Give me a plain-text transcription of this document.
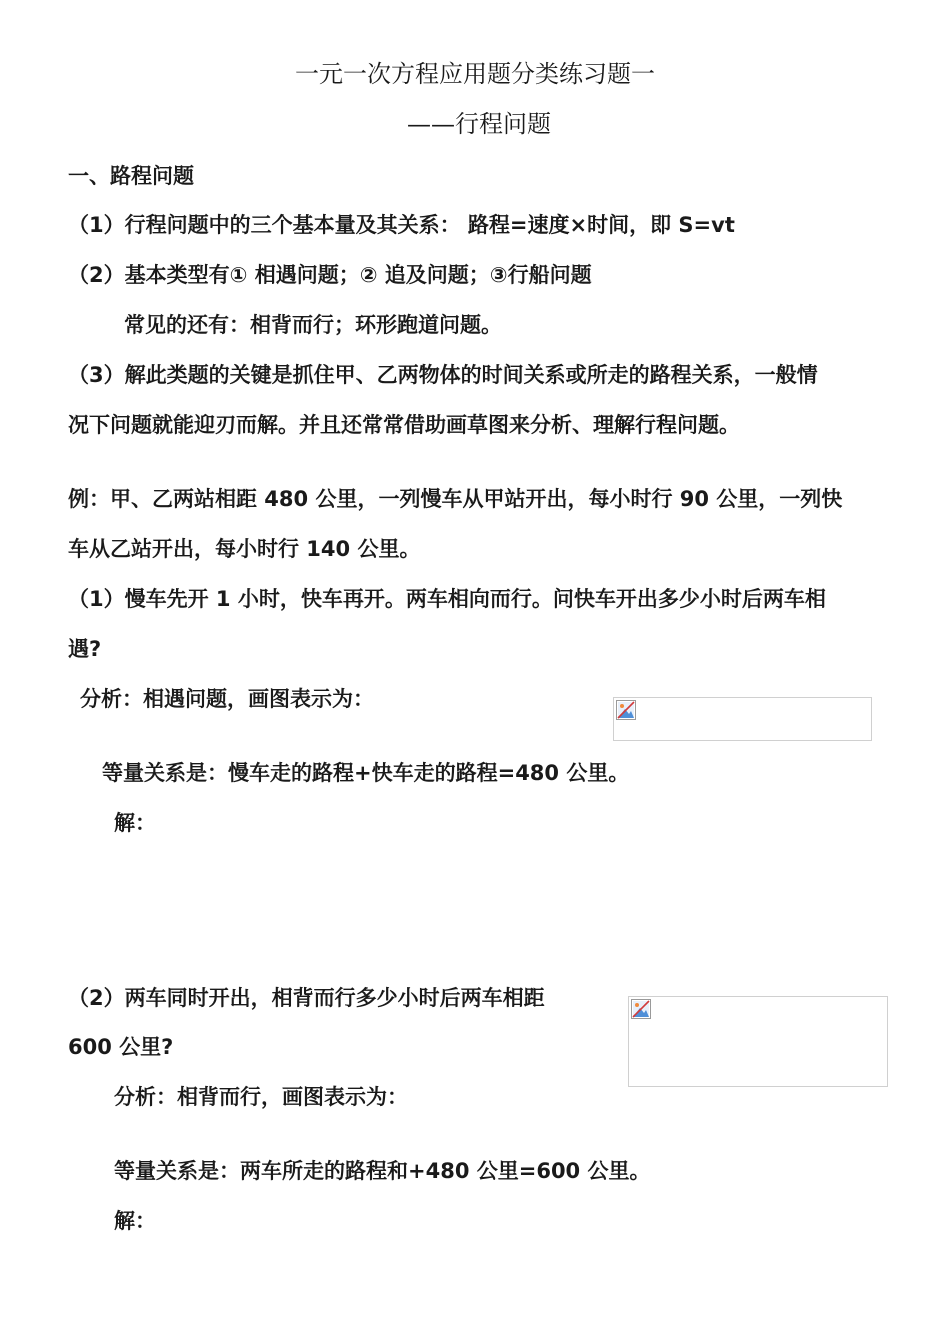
一元一次方程应用题分类练习题一
——行程问题
一、路程问题
（1）行程问题中的三个基本量及其关系： 路程=速度×时间，即 S=vt
（2）基本类型有① 相遇问题；② 追及问题；③行船问题
常见的还有：相背而行；环形跑道问题。
（3）解此类题的关键是抓住甲、乙两物体的时间关系或所走的路程关系，一般情
况下问题就能迎刃而解。并且还常常借助画草图来分析、理解行程问题。
例：甲、乙两站相距 480 公里，一列慢车从甲站开出，每小时行 90 公里，一列快
车从乙站开出，每小时行 140 公里。
（1）慢车先开 1 小时，快车再开。两车相向而行。问快车开出多少小时后两车相
遇?
分析：相遇问题，画图表示为：
等量关系是：慢车走的路程+快车走的路程=480 公里。
解：
（2）两车同时开出，相背而行多少小时后两车相距
600 公里?
分析：相背而行，画图表示为：
等量关系是：两车所走的路程和+480 公里=600 公里。
解：
